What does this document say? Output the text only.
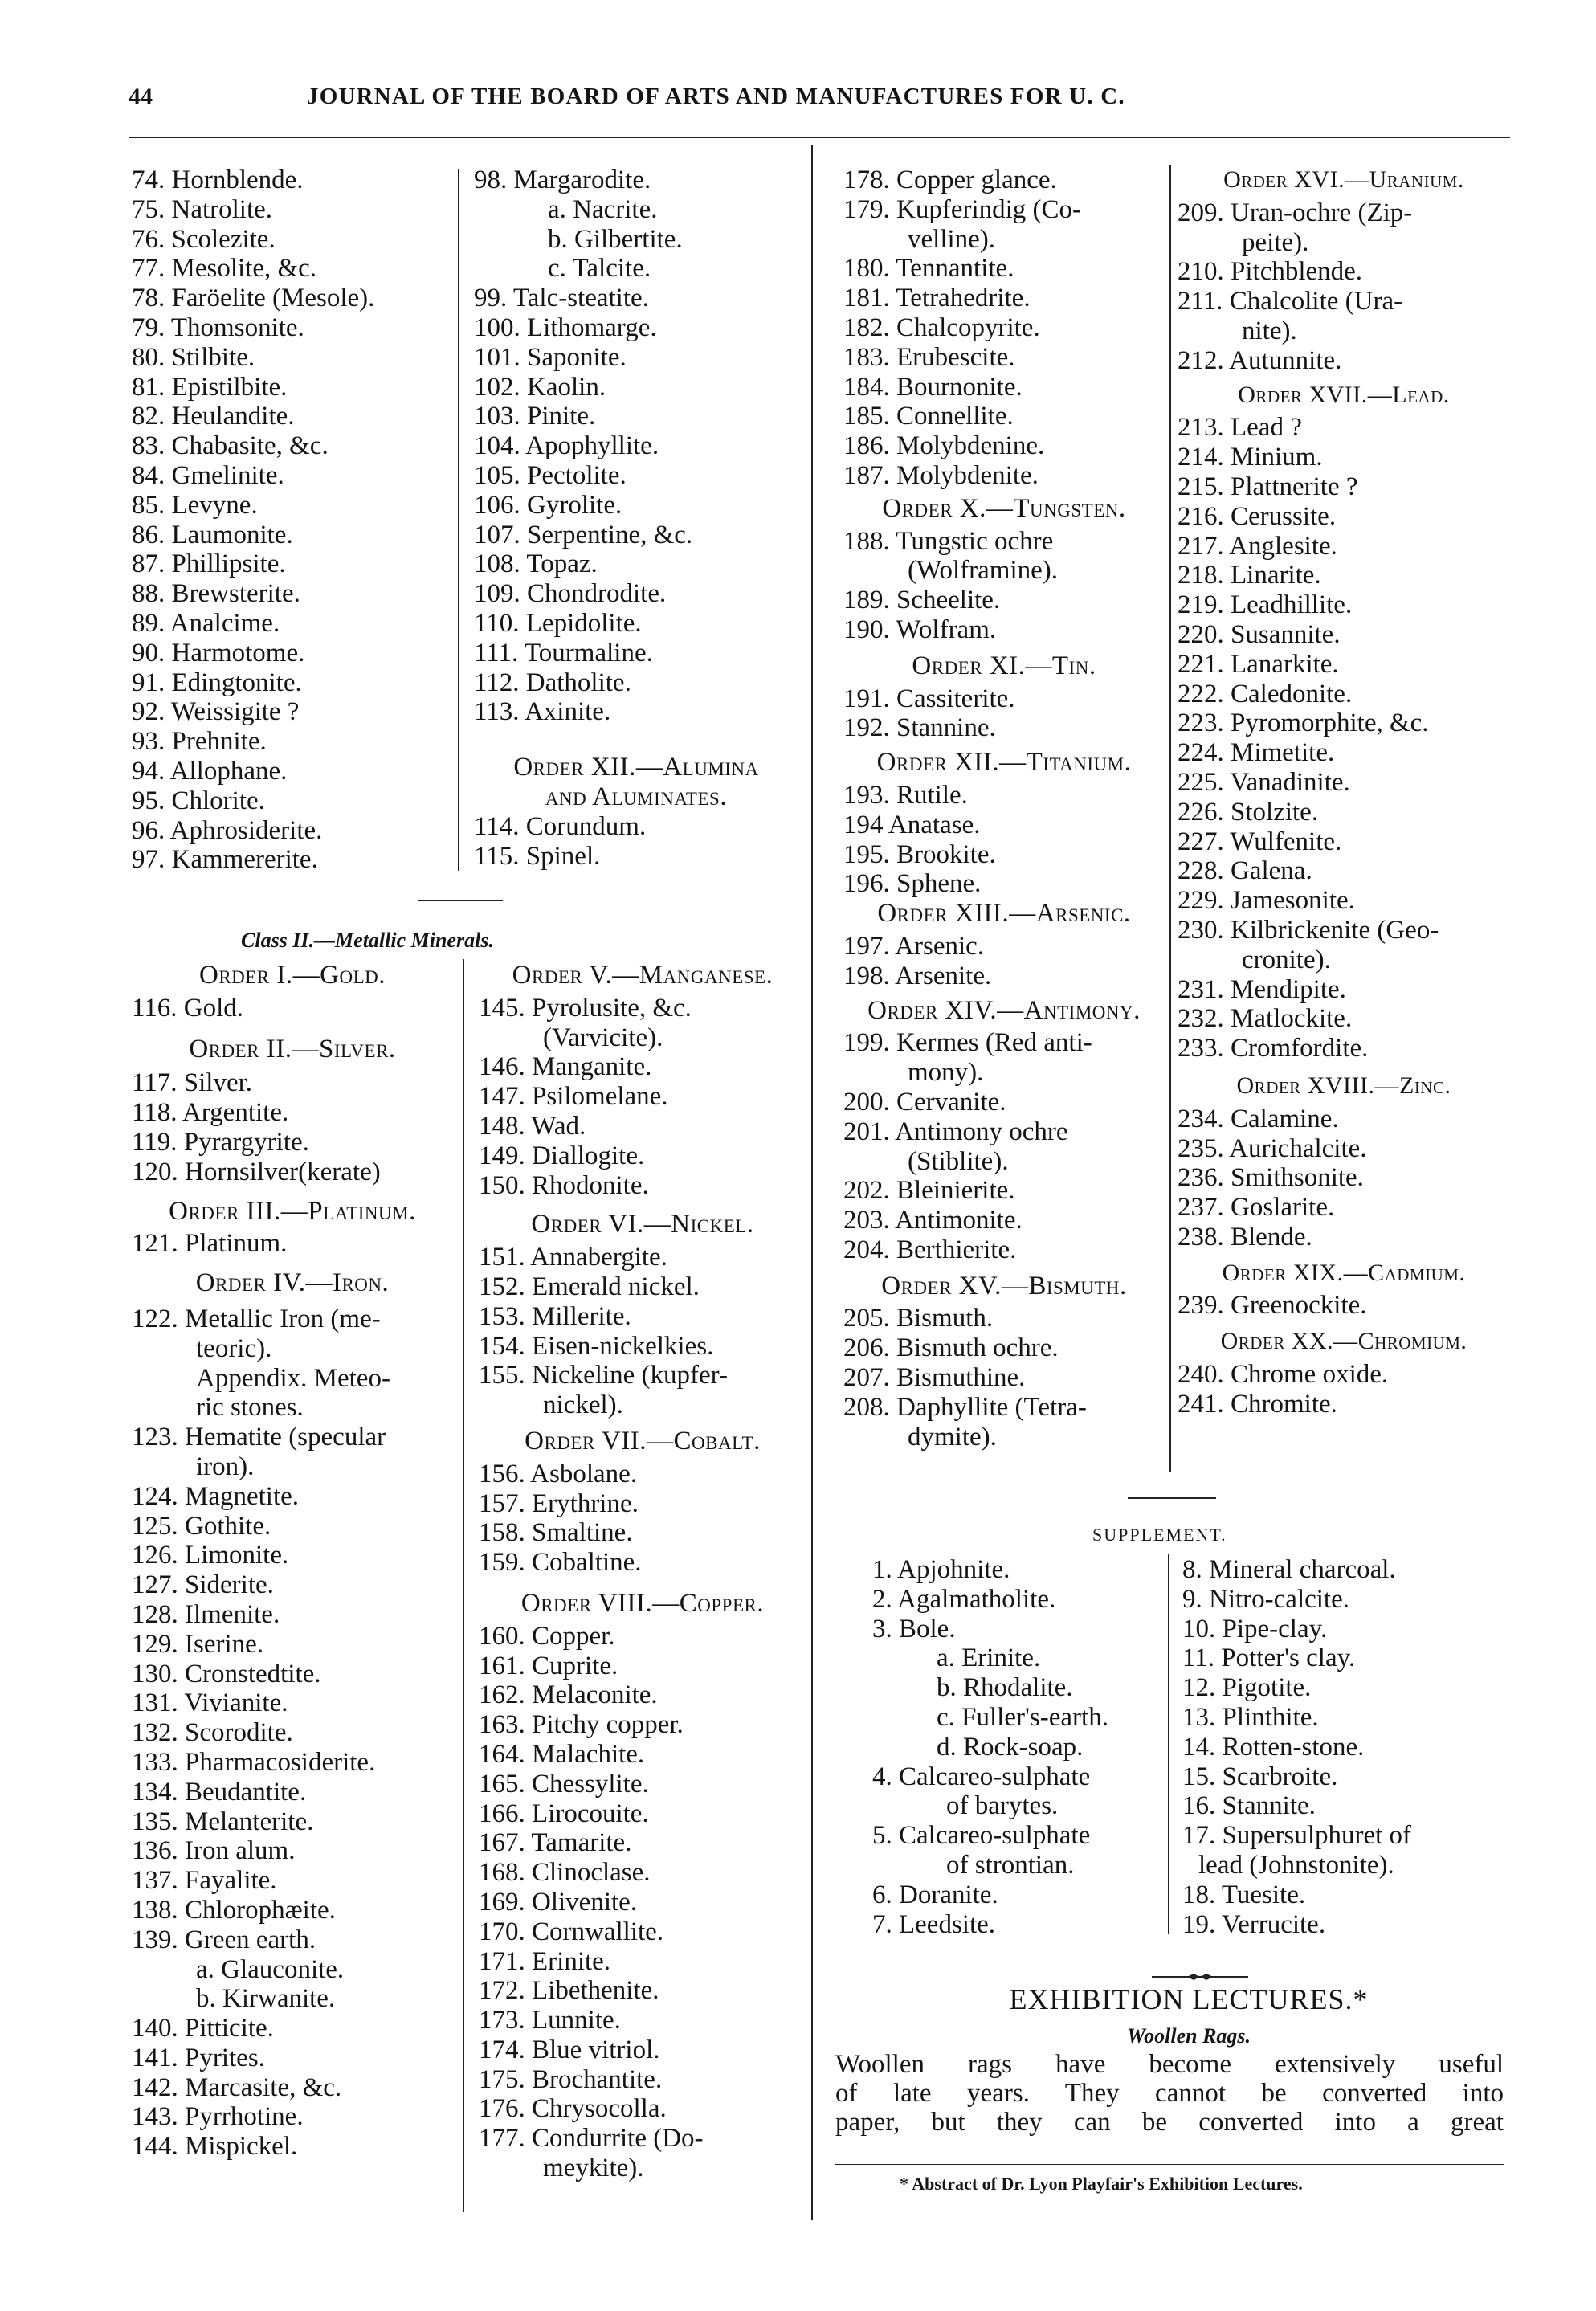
44	JOURNAL OF THE BOARD OF ARTS AND MANUFACTURES FOR U. C.
74. Hornblende.
75. Natrolite.
76. Scolezite.
77. Mesolite, &c.
78. Faröelite (Mesole).
79. Thomsonite.
80. Stilbite.
81. Epistilbite.
82. Heulandite.
83. Chabasite, &c.
84. Gmelinite.
85. Levyne.
86. Laumonite.
87. Phillipsite.
88. Brewsterite.
89. Analcime.
90. Harmotome.
91. Edingtonite.
92. Weissigite ?
93. Prehnite.
94. Allophane.
95. Chlorite.
96. Aphrosiderite.
97. Kammererite.
98. Margarodite.
a. Nacrite.
b. Gilbertite.
c. Talcite.
99. Talc-steatite.
100. Lithomarge.
101. Saponite.
102. Kaolin.
103. Pinite.
104. Apophyllite.
105. Pectolite.
106. Gyrolite.
107. Serpentine, &c.
108. Topaz.
109. Chondrodite.
110. Lepidolite.
111. Tourmaline.
112. Datholite.
113. Axinite.
Order XII.—Alumina
and Aluminates.
114. Corundum.
115. Spinel.
Class II.—Metallic Minerals.
Order I.—Gold.
116. Gold.
Order II.—Silver.
117. Silver.
118. Argentite.
119. Pyrargyrite.
120. Hornsilver(kerate)
Order III.—Platinum.
121. Platinum.
Order IV.—Iron.
122. Metallic Iron (me-
teoric).
Appendix. Meteo-
ric stones.
123. Hematite (specular
iron).
124. Magnetite.
125. Gothite.
126. Limonite.
127. Siderite.
128. Ilmenite.
129. Iserine.
130. Cronstedtite.
131. Vivianite.
132. Scorodite.
133. Pharmacosiderite.
134. Beudantite.
135. Melanterite.
136. Iron alum.
137. Fayalite.
138. Chlorophæite.
139. Green earth.
a. Glauconite.
b. Kirwanite.
140. Pitticite.
141. Pyrites.
142. Marcasite, &c.
143. Pyrrhotine.
144. Mispickel.
Order V.—Manganese.
145. Pyrolusite, &c.
(Varvicite).
146. Manganite.
147. Psilomelane.
148. Wad.
149. Diallogite.
150. Rhodonite.
Order VI.—Nickel.
151. Annabergite.
152. Emerald nickel.
153. Millerite.
154. Eisen-nickelkies.
155. Nickeline (kupfer-
nickel).
Order VII.—Cobalt.
156. Asbolane.
157. Erythrine.
158. Smaltine.
159. Cobaltine.
Order VIII.—Copper.
160. Copper.
161. Cuprite.
162. Melaconite.
163. Pitchy copper.
164. Malachite.
165. Chessylite.
166. Lirocouite.
167. Tamarite.
168. Clinoclase.
169. Olivenite.
170. Cornwallite.
171. Erinite.
172. Libethenite.
173. Lunnite.
174. Blue vitriol.
175. Brochantite.
176. Chrysocolla.
177. Condurrite (Do-
meykite).
178. Copper glance.
179. Kupferindig (Co-
velline).
180. Tennantite.
181. Tetrahedrite.
182. Chalcopyrite.
183. Erubescite.
184. Bournonite.
185. Connellite.
186. Molybdenine.
187. Molybdenite.
Order X.—Tungsten.
188. Tungstic ochre
(Wolframine).
189. Scheelite.
190. Wolfram.
Order XI.—Tin.
191. Cassiterite.
192. Stannine.
Order XII.—Titanium.
193. Rutile.
194 Anatase.
195. Brookite.
196. Sphene.
Order XIII.—Arsenic.
197. Arsenic.
198. Arsenite.
Order XIV.—Antimony.
199. Kermes (Red anti-
mony).
200. Cervanite.
201. Antimony ochre
(Stiblite).
202. Bleinierite.
203. Antimonite.
204. Berthierite.
Order XV.—Bismuth.
205. Bismuth.
206. Bismuth ochre.
207. Bismuthine.
208. Daphyllite (Tetra-
dymite).
Order XVI.—Uranium.
209. Uran-ochre (Zip-
peite).
210. Pitchblende.
211. Chalcolite (Ura-
nite).
212. Autunnite.
Order XVII.—Lead.
213. Lead ?
214. Minium.
215. Plattnerite ?
216. Cerussite.
217. Anglesite.
218. Linarite.
219. Leadhillite.
220. Susannite.
221. Lanarkite.
222. Caledonite.
223. Pyromorphite, &c.
224. Mimetite.
225. Vanadinite.
226. Stolzite.
227. Wulfenite.
228. Galena.
229. Jamesonite.
230. Kilbrickenite (Geo-
cronite).
231. Mendipite.
232. Matlockite.
233. Cromfordite.
Order XVIII.—Zinc.
234. Calamine.
235. Aurichalcite.
236. Smithsonite.
237. Goslarite.
238. Blende.
Order XIX.—Cadmium.
239. Greenockite.
Order XX.—Chromium.
240. Chrome oxide.
241. Chromite.
SUPPLEMENT.
1. Apjohnite.
2. Agalmatholite.
3. Bole.
a. Erinite.
b. Rhodalite.
c. Fuller's-earth.
d. Rock-soap.
4. Calcareo-sulphate
of barytes.
5. Calcareo-sulphate
of strontian.
6. Doranite.
7. Leedsite.
8. Mineral charcoal.
9. Nitro-calcite.
10. Pipe-clay.
11. Potter's clay.
12. Pigotite.
13. Plinthite.
14. Rotten-stone.
15. Scarbroite.
16. Stannite.
17. Supersulphuret of
lead (Johnstonite).
18. Tuesite.
19. Verrucite.
EXHIBITION LECTURES.*
Woollen Rags.
Woollen rags have become extensively useful
of late years. They cannot be converted into
paper, but they can be converted into a great
* Abstract of Dr. Lyon Playfair's Exhibition Lectures.
